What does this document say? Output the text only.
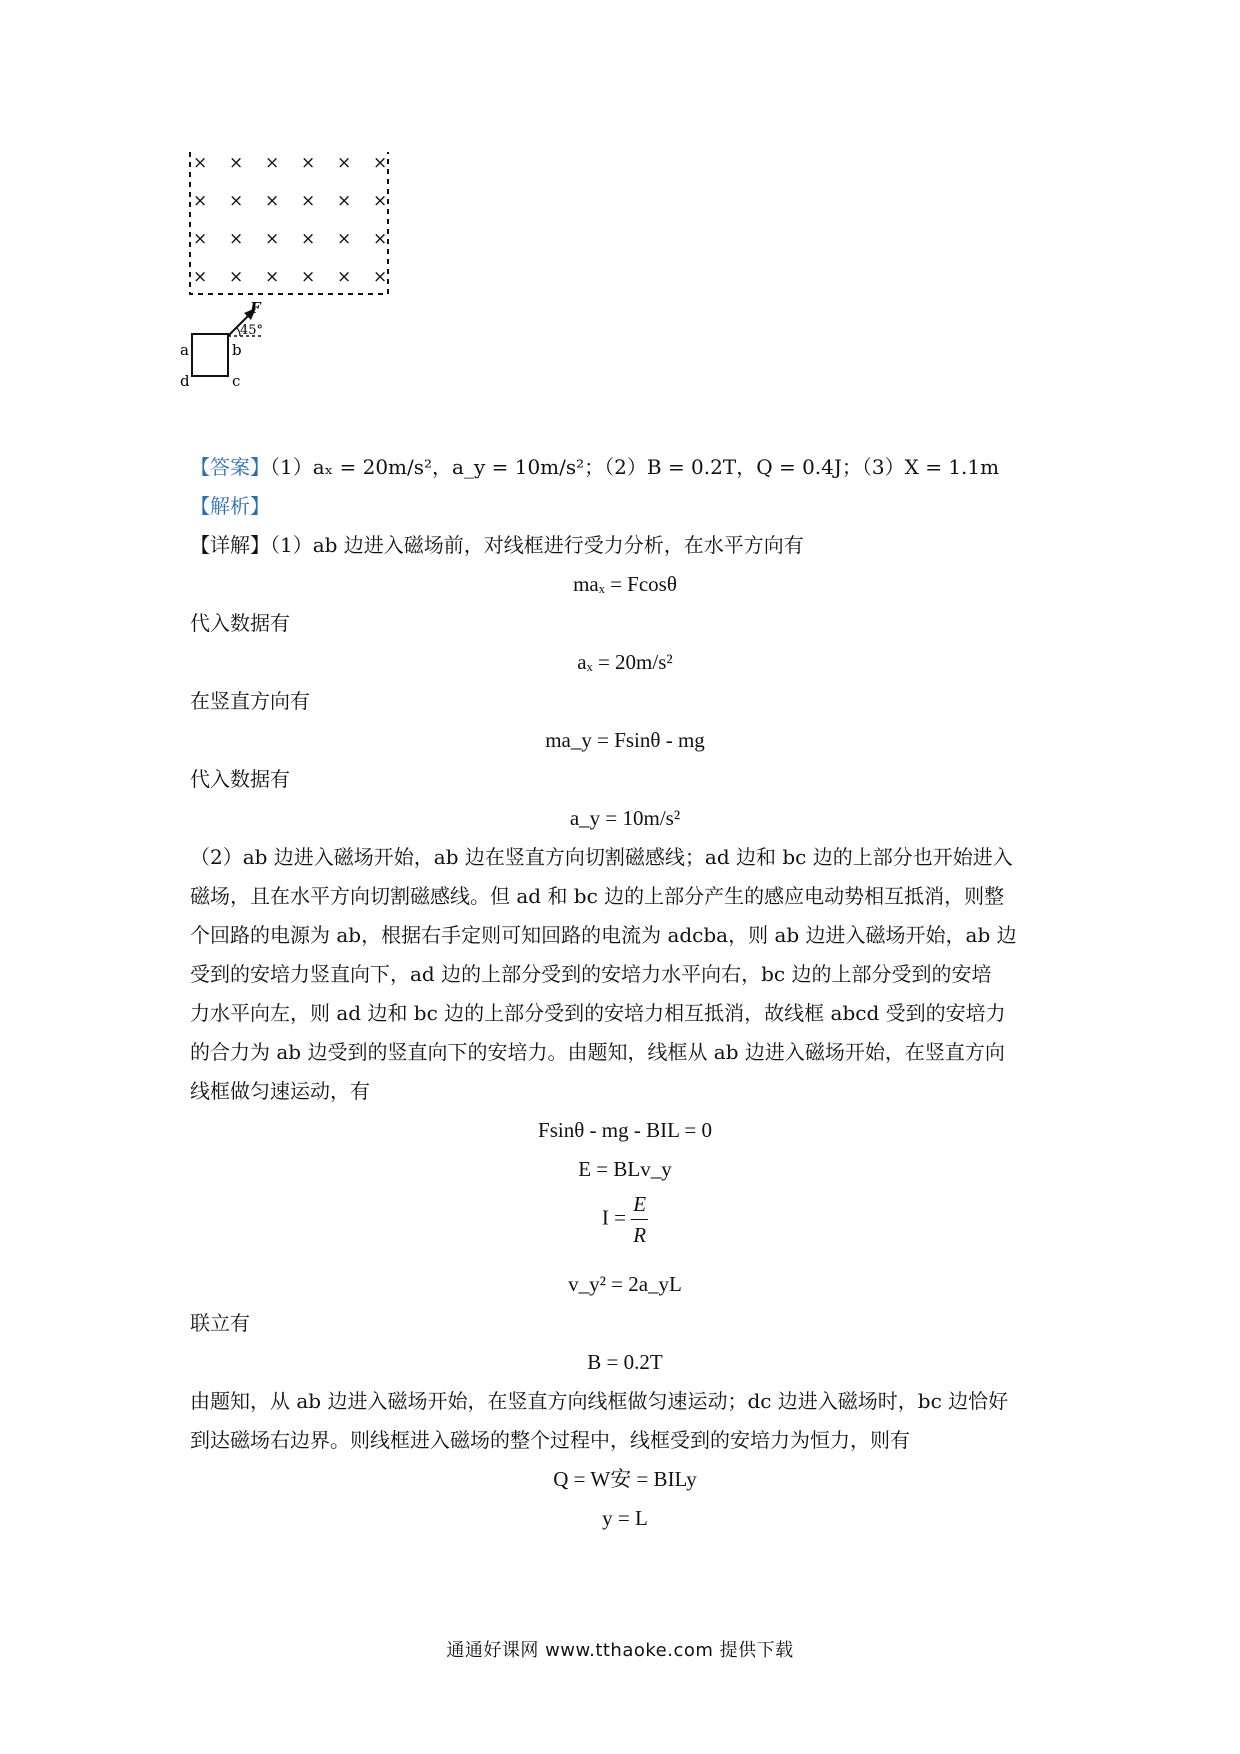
× × × × × ×
× × × × × ×
× × × × × ×
× × × × × ×
F
45°
a	b
c
d
【答案】（1）aₓ = 20m/s²，a_y = 10m/s²；（2）B = 0.2T，Q = 0.4J；（3）X = 1.1m
【解析】
【详解】（1）ab 边进入磁场前，对线框进行受力分析，在水平方向有
maₓ = Fcosθ
代入数据有
aₓ = 20m/s²
在竖直方向有
ma_y = Fsinθ - mg
代入数据有
a_y = 10m/s²
（2）ab 边进入磁场开始，ab 边在竖直方向切割磁感线；ad 边和 bc 边的上部分也开始进入
磁场，且在水平方向切割磁感线。但 ad 和 bc 边的上部分产生的感应电动势相互抵消，则整
个回路的电源为 ab，根据右手定则可知回路的电流为 adcba，则 ab 边进入磁场开始，ab 边
受到的安培力竖直向下，ad 边的上部分受到的安培力水平向右，bc 边的上部分受到的安培
力水平向左，则 ad 边和 bc 边的上部分受到的安培力相互抵消，故线框 abcd 受到的安培力
的合力为 ab 边受到的竖直向下的安培力。由题知，线框从 ab 边进入磁场开始，在竖直方向
线框做匀速运动，有
Fsinθ - mg - BIL = 0
E = BLv_y
$I = \frac{E}{R}$
v_y² = 2a_yL
联立有
B = 0.2T
由题知，从 ab 边进入磁场开始，在竖直方向线框做匀速运动；dc 边进入磁场时，bc 边恰好
到达磁场右边界。则线框进入磁场的整个过程中，线框受到的安培力为恒力，则有
Q = W安 = BILy
y = L
通通好课网 www.tthaoke.com 提供下载
